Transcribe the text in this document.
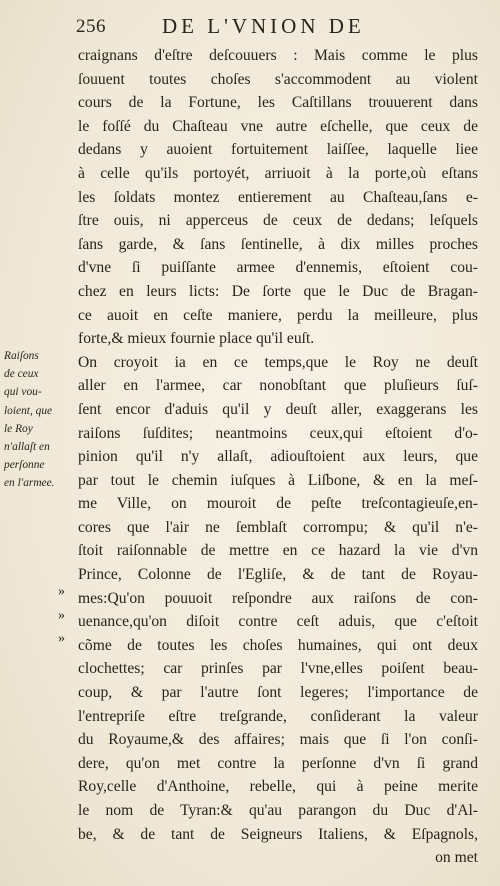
256	DE L'VNION DE
Raiſons
de ceux
qui vou-
loient, que
le Roy
n'allaſt en
perſonne
en l'armee.
»
»
»
craignans d'eſtre deſcouuers : Mais comme le plus
ſouuent toutes choſes s'accommodent au violent
cours de la Fortune, les Caſtillans trouuerent dans
le foſſé du Chaſteau vne autre eſchelle, que ceux de
dedans y auoient fortuitement laiſſee, laquelle liee
à celle qu'ils portoyét, arriuoit à la porte,où eſtans
les ſoldats montez entierement au Chaſteau,ſans e-
ſtre ouis, ni apperceus de ceux de dedans; leſquels
ſans garde, & ſans ſentinelle, à dix milles proches
d'vne ſi puiſſante armee d'ennemis, eſtoient cou-
chez en leurs licts: De ſorte que le Duc de Bragan-
ce auoit en ceſte maniere, perdu la meilleure, plus
forte,& mieux fournie place qu'il euſt.
On croyoit ia en ce temps,que le Roy ne deuſt
aller en l'armee, car nonobſtant que pluſieurs ſuſ-
ſent encor d'aduis qu'il y deuſt aller, exaggerans les
raiſons ſuſdites; neantmoins ceux,qui eſtoient d'o-
pinion qu'il n'y allaſt, adiouſtoient aux leurs, que
par tout le chemin iuſques à Liſbone, & en la meſ-
me Ville, on mouroit de peſte treſcontagieuſe,en-
cores que l'air ne ſemblaſt corrompu; & qu'il n'e-
ſtoit raiſonnable de mettre en ce hazard la vie d'vn
Prince, Colonne de l'Egliſe, & de tant de Royau-
mes:Qu'on pouuoit reſpondre aux raiſons de con-
uenance,qu'on diſoit contre ceſt aduis, que c'eſtoit
cõme de toutes les choſes humaines, qui ont deux
clochettes; car prinſes par l'vne,elles poiſent beau-
coup, & par l'autre ſont legeres; l'importance de
l'entrepriſe eſtre treſgrande, conſiderant la valeur
du Royaume,& des affaires; mais que ſi l'on conſi-
dere, qu'on met contre la perſonne d'vn ſi grand
Roy,celle d'Anthoine, rebelle, qui à peine merite
le nom de Tyran:& qu'au parangon du Duc d'Al-
be, & de tant de Seigneurs Italiens, & Eſpagnols,
on met
